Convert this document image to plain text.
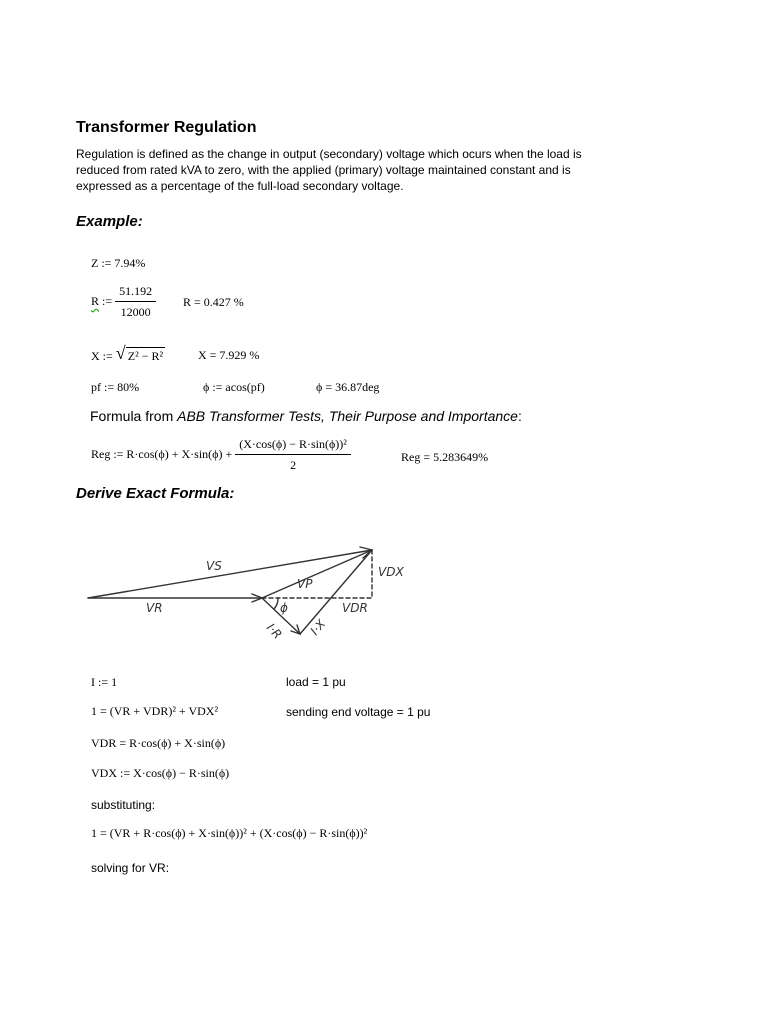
Transformer Regulation
Regulation is defined as the change in output (secondary) voltage which ocurs when the load is reduced from rated kVA to zero, with the applied (primary) voltage maintained constant and is expressed as a percentage of the full-load secondary voltage.
Example:
Z := 7.94%
R := $\frac{51.192}{12000}$ R = 0.427 %
X := √ Z² − R²	X = 7.929 %
pf := 80%	ϕ := acos(pf)	ϕ = 36.87deg
Formula from ABB Transformer Tests, Their Purpose and Importance:
Reg := $R\cdot\cos(\phi) + X\cdot\sin(\phi) + \frac{\text{(X·cos(ϕ) − R·sin(ϕ))²}}{2}$	Reg = 5.283649%
Derive Exact Formula:
VS
VP
VR
VDX
VDR
ϕ
I·R I·X
I := 1	load = 1 pu
1 = (VR + VDR)² + VDX²	sending end voltage = 1 pu
VDR = R·cos(ϕ) + X·sin(ϕ)
VDX := X·cos(ϕ) − R·sin(ϕ)
substituting:
1 = (VR + R·cos(ϕ) + X·sin(ϕ))² + (X·cos(ϕ) − R·sin(ϕ))²
solving for VR:
